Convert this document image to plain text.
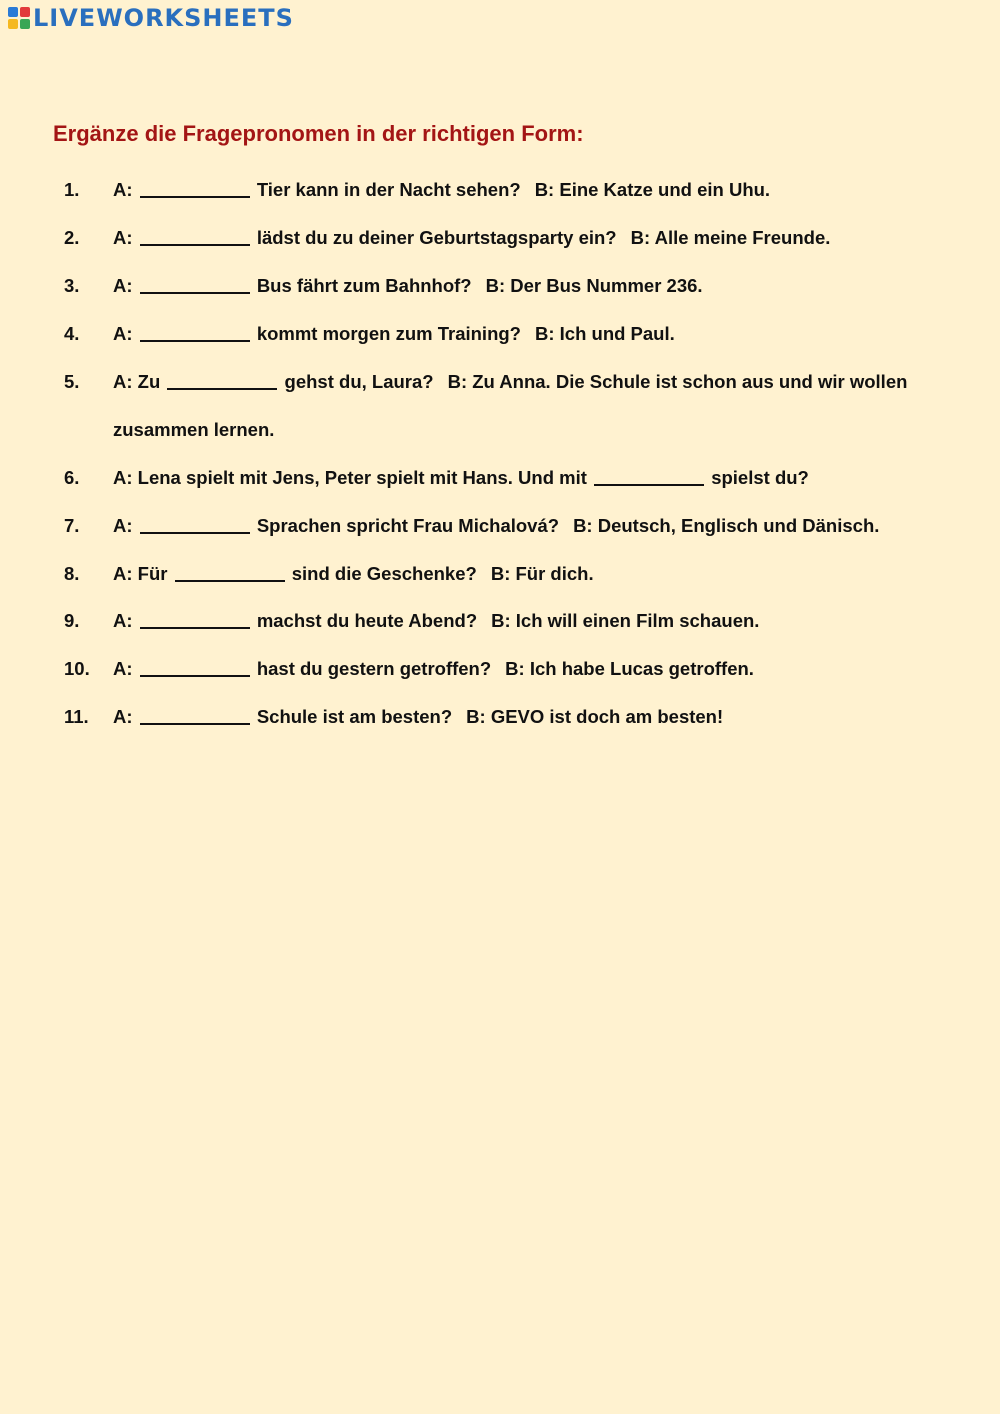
LIVEWORKSHEETS
Ergänze die Fragepronomen in der richtigen Form:
1. A:	Tier kann in der Nacht sehen? B: Eine Katze und ein Uhu.
2. A:	lädst du zu deiner Geburtstagsparty ein? B: Alle meine Freunde.
3. A:	Bus fährt zum Bahnhof? B: Der Bus Nummer 236.
4. A:	kommt morgen zum Training? B: Ich und Paul.
5. A: Zu	gehst du, Laura? B: Zu Anna. Die Schule ist schon aus und wir wollen zusammen lernen.
6. A: Lena spielt mit Jens, Peter spielt mit Hans. Und mit	spielst du?
7. A:	Sprachen spricht Frau Michalová? B: Deutsch, Englisch und Dänisch.
8. A: Für	sind die Geschenke? B: Für dich.
9. A:	machst du heute Abend? B: Ich will einen Film schauen.
10. A:	hast du gestern getroffen? B: Ich habe Lucas getroffen.
11. A:	Schule ist am besten? B: GEVO ist doch am besten!
